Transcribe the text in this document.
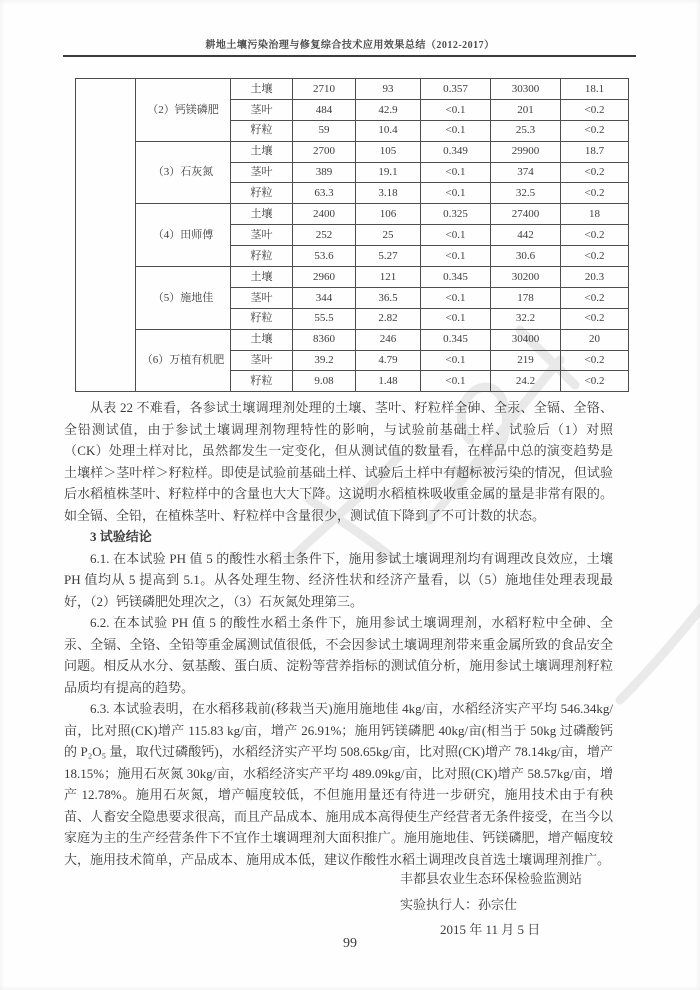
耕地土壤污染治理与修复综合技术应用效果总结（2012-2017）
	（2）钙镁磷肥	土壤	2710	93	0.357	30300	18.1
		茎叶	484	42.9	<0.1	201	<0.2
		籽粒	59	10.4	<0.1	25.3	<0.2
	（3）石灰氮	土壤	2700	105	0.349	29900	18.7
		茎叶	389	19.1	<0.1	374	<0.2
		籽粒	63.3	3.18	<0.1	32.5	<0.2
	（4）田师傅	土壤	2400	106	0.325	27400	18
		茎叶	252	25	<0.1	442	<0.2
		籽粒	53.6	5.27	<0.1	30.6	<0.2
	（5）施地佳	土壤	2960	121	0.345	30200	20.3
		茎叶	344	36.5	<0.1	178	<0.2
		籽粒	55.5	2.82	<0.1	32.2	<0.2
	（6）万植有机肥	土壤	8360	246	0.345	30400	20
		茎叶	39.2	4.79	<0.1	219	<0.2
		籽粒	9.08	1.48	<0.1	24.2	<0.2

从表 22 不难看，各参试土壤调理剂处理的土壤、茎叶、籽粒样全砷、全汞、全镉、全铬、全铅测试值，由于参试土壤调理剂物理特性的影响，与试验前基础土样、试验后（1）对照（CK）处理土样对比，虽然都发生一定变化，但从测试值的数量看，在样品中总的演变趋势是土壤样＞茎叶样＞籽粒样。即使是试验前基础土样、试验后土样中有超标被污染的情况，但试验后水稻植株茎叶、籽粒样中的含量也大大下降。这说明水稻植株吸收重金属的量是非常有限的。如全镉、全铅，在植株茎叶、籽粒样中含量很少，测试值下降到了不可计数的状态。

3 试验结论

6.1. 在本试验 PH 值 5 的酸性水稻土条件下，施用参试土壤调理剂均有调理改良效应，土壤 PH 值均从 5 提高到 5.1。从各处理生物、经济性状和经济产量看，以（5）施地佳处理表现最好，（2）钙镁磷肥处理次之，（3）石灰氮处理第三。

6.2. 在本试验 PH 值 5 的酸性水稻土条件下，施用参试土壤调理剂，水稻籽粒中全砷、全汞、全镉、全铬、全铅等重金属测试值很低，不会因参试土壤调理剂带来重金属所致的食品安全问题。相反从水分、氨基酸、蛋白质、淀粉等营养指标的测试值分析，施用参试土壤调理剂籽粒品质均有提高的趋势。

6.3. 本试验表明，在水稻移栽前(移栽当天)施用施地佳 4kg/亩，水稻经济实产平均 546.34kg/亩，比对照(CK)增产 115.83 kg/亩，增产 26.91%；施用钙镁磷肥 40kg/亩(相当于 50kg 过磷酸钙的 P₂O₅ 量，取代过磷酸钙)，水稻经济实产平均 508.65kg/亩，比对照(CK)增产 78.14kg/亩，增产 18.15%；施用石灰氮 30kg/亩，水稻经济实产平均 489.09kg/亩，比对照(CK)增产 58.57kg/亩，增产 12.78%。施用石灰氮，增产幅度较低，不但施用量还有待进一步研究，施用技术由于有秧苗、人畜安全隐患要求很高，而且产品成本、施用成本高得使生产经营者无条件接受，在当今以家庭为主的生产经营条件下不宜作土壤调理剂大面积推广。施用施地佳、钙镁磷肥，增产幅度较大，施用技术简单，产品成本、施用成本低，建议作酸性水稻土调理改良首选土壤调理剂推广。

丰都县农业生态环保检验监测站
实验执行人：孙宗仕
2015 年 11 月 5 日
99
